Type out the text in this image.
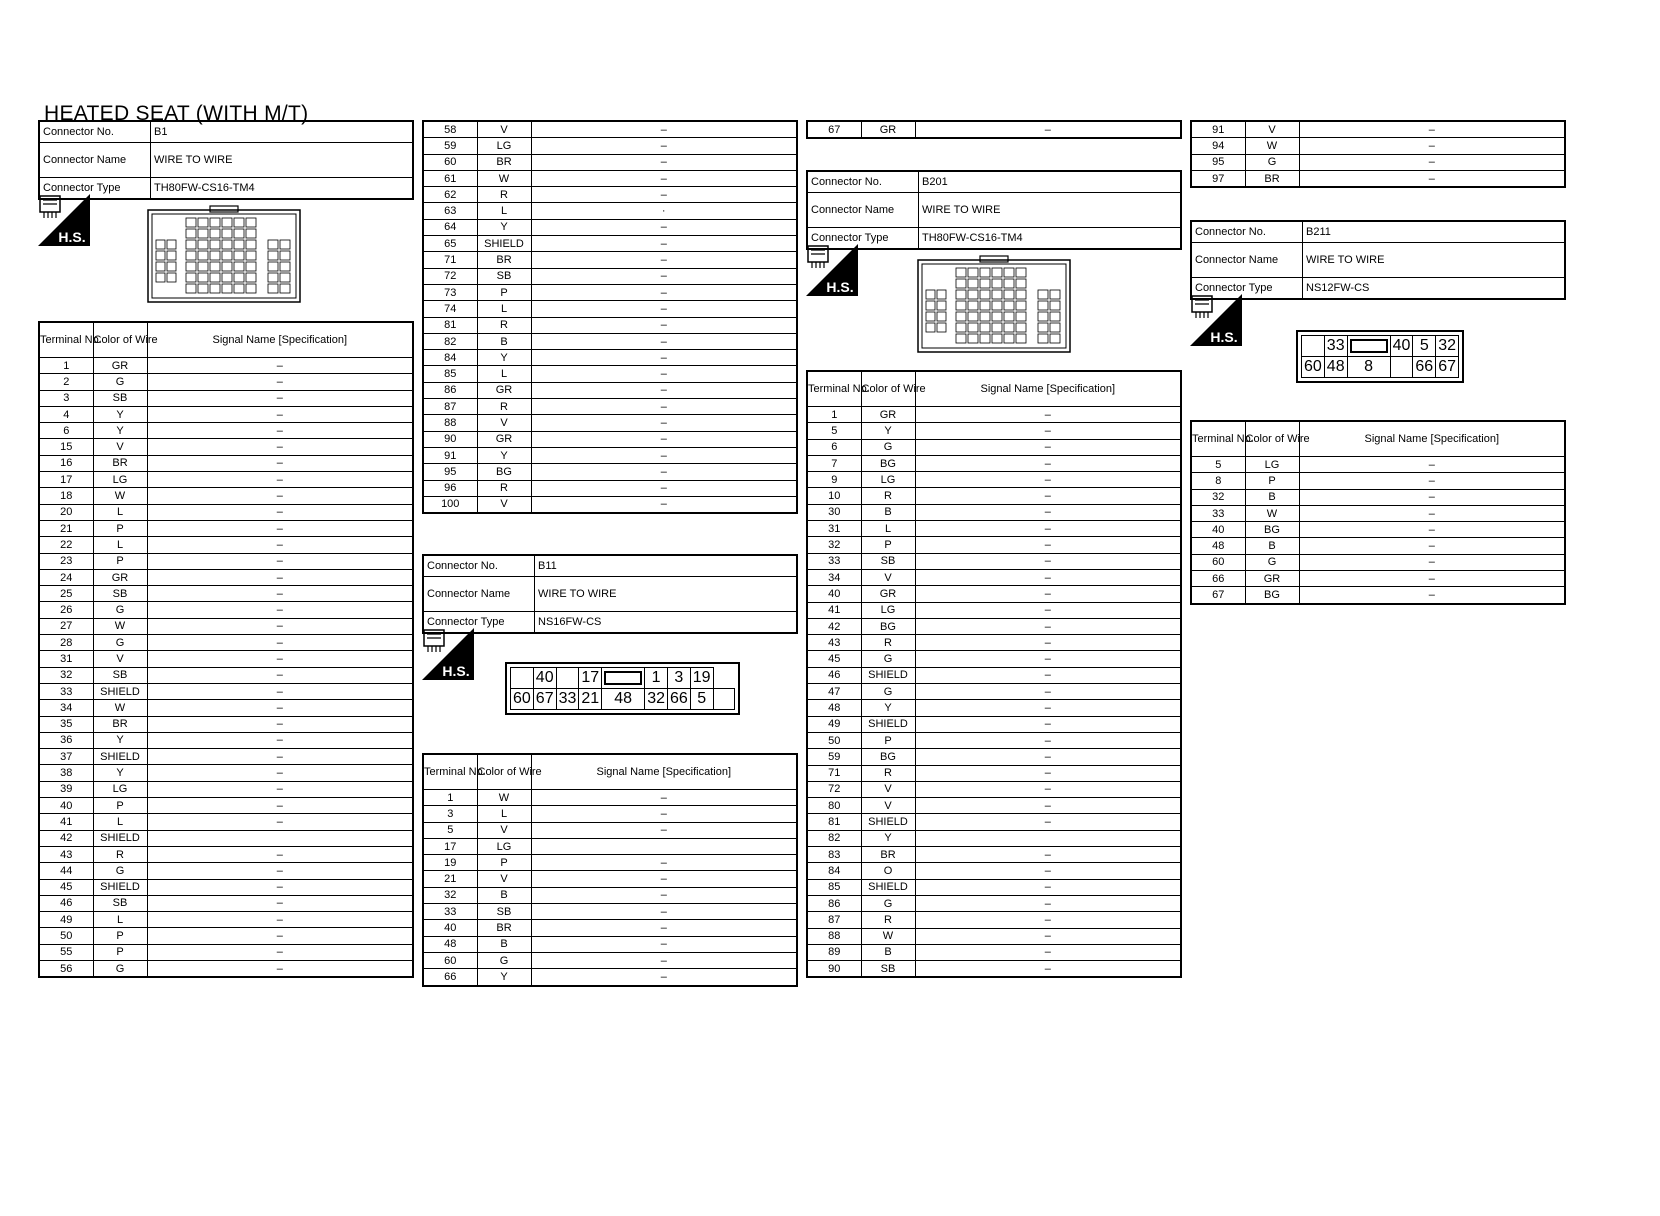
HEATED SEAT (WITH M/T)
Connector No.	B1
Connector Name	WIRE TO WIRE
Connector Type	TH80FW-CS16-TM4
H.S.
Terminal No.	Color of Wire	Signal Name [Specification]
1	GR	–
2	G	–
3	SB	–
4	Y	–
6	Y	–
15	V	–
16	BR	–
17	LG	–
18	W	–
20	L	–
21	P	–
22	L	–
23	P	–
24	GR	–
25	SB	–
26	G	–
27	W	–
28	G	–
31	V	–
32	SB	–
33	SHIELD	–
34	W	–
35	BR	–
36	Y	–
37	SHIELD	–
38	Y	–
39	LG	–
40	P	–
41	L	–
42	SHIELD	
43	R	–
44	G	–
45	SHIELD	–
46	SB	–
49	L	–
50	P	–
55	P	–
56	G	–
58	V	–
59	LG	–
60	BR	–
61	W	–
62	R	–
63	L	·
64	Y	–
65	SHIELD	–
71	BR	–
72	SB	–
73	P	–
74	L	–
81	R	–
82	B	–
84	Y	–
85	L	–
86	GR	–
87	R	–
88	V	–
90	GR	–
91	Y	–
95	BG	–
96	R	–
100	V	–
Connector No.	B11
Connector Name	WIRE TO WIRE
Connector Type	NS16FW-CS
H.S.
		40		17		1	3	19	
60	67	33	21	48	32	66	5	
Terminal No.	Color of Wire	Signal Name [Specification]
1	W	–
3	L	–
5	V	–
17	LG	
19	P	–
21	V	–
32	B	–
33	SB	–
40	BR	–
48	B	–
60	G	–
66	Y	–
67	GR	–
Connector No.	B201
Connector Name	WIRE TO WIRE
Connector Type	TH80FW-CS16-TM4
H.S.
Terminal No.	Color of Wire	Signal Name [Specification]
1	GR	–
5	Y	–
6	G	–
7	BG	–
9	LG	–
10	R	–
30	B	–
31	L	–
32	P	–
33	SB	–
34	V	–
40	GR	–
41	LG	–
42	BG	–
43	R	–
45	G	–
46	SHIELD	–
47	G	–
48	Y	–
49	SHIELD	–
50	P	–
59	BG	–
71	R	–
72	V	–
80	V	–
81	SHIELD	–
82	Y	
83	BR	–
84	O	–
85	SHIELD	–
86	G	–
87	R	–
88	W	–
89	B	–
90	SB	–
91	V	–
94	W	–
95	G	–
97	BR	–
Connector No.	B211
Connector Name	WIRE TO WIRE
Connector Type	NS12FW-CS
H.S.
		33		40	5	32
60	48	8		66	67
Terminal No.	Color of Wire	Signal Name [Specification]
5	LG	–
8	P	–
32	B	–
33	W	–
40	BG	–
48	B	–
60	G	–
66	GR	–
67	BG	–
